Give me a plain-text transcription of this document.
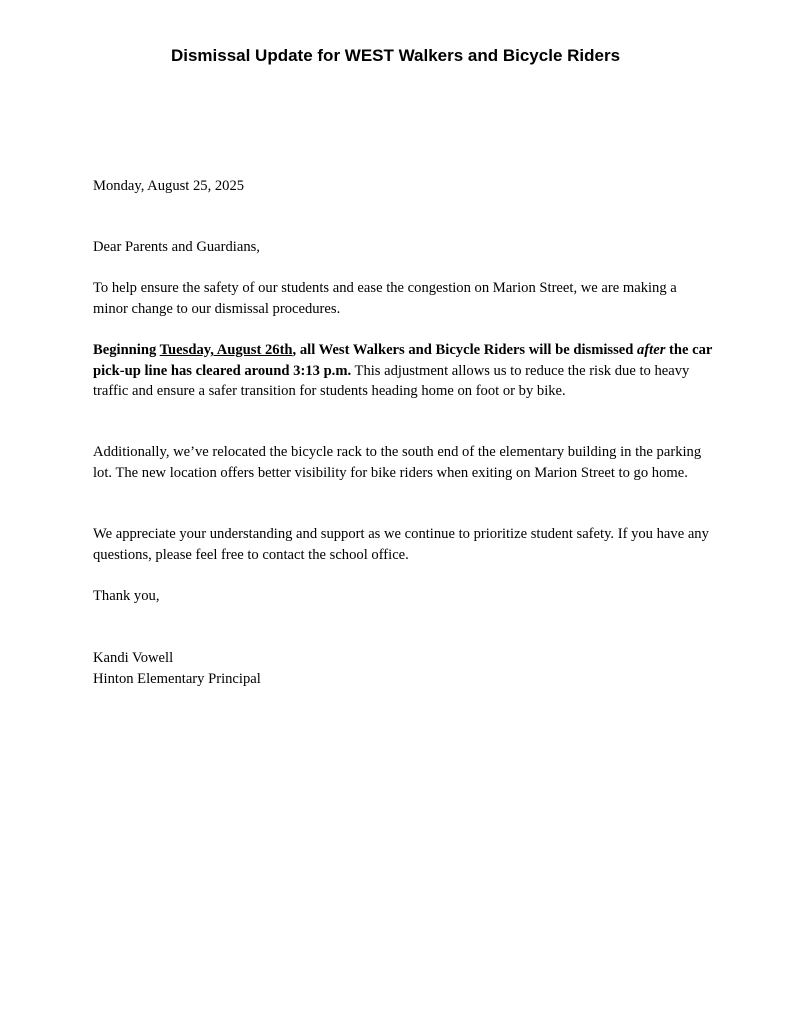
Dismissal Update for WEST Walkers and Bicycle Riders

Monday, August 25, 2025

Dear Parents and Guardians,

To help ensure the safety of our students and ease the congestion on Marion Street, we are making a minor change to our dismissal procedures.

Beginning Tuesday, August 26th, all West Walkers and Bicycle Riders will be dismissed after the car pick-up line has cleared around 3:13 p.m. This adjustment allows us to reduce the risk due to heavy traffic and ensure a safer transition for students heading home on foot or by bike.

Additionally, we’ve relocated the bicycle rack to the south end of the elementary building in the parking lot. The new location offers better visibility for bike riders when exiting on Marion Street to go home.

We appreciate your understanding and support as we continue to prioritize student safety. If you have any questions, please feel free to contact the school office.

Thank you,

Kandi Vowell
Hinton Elementary Principal
